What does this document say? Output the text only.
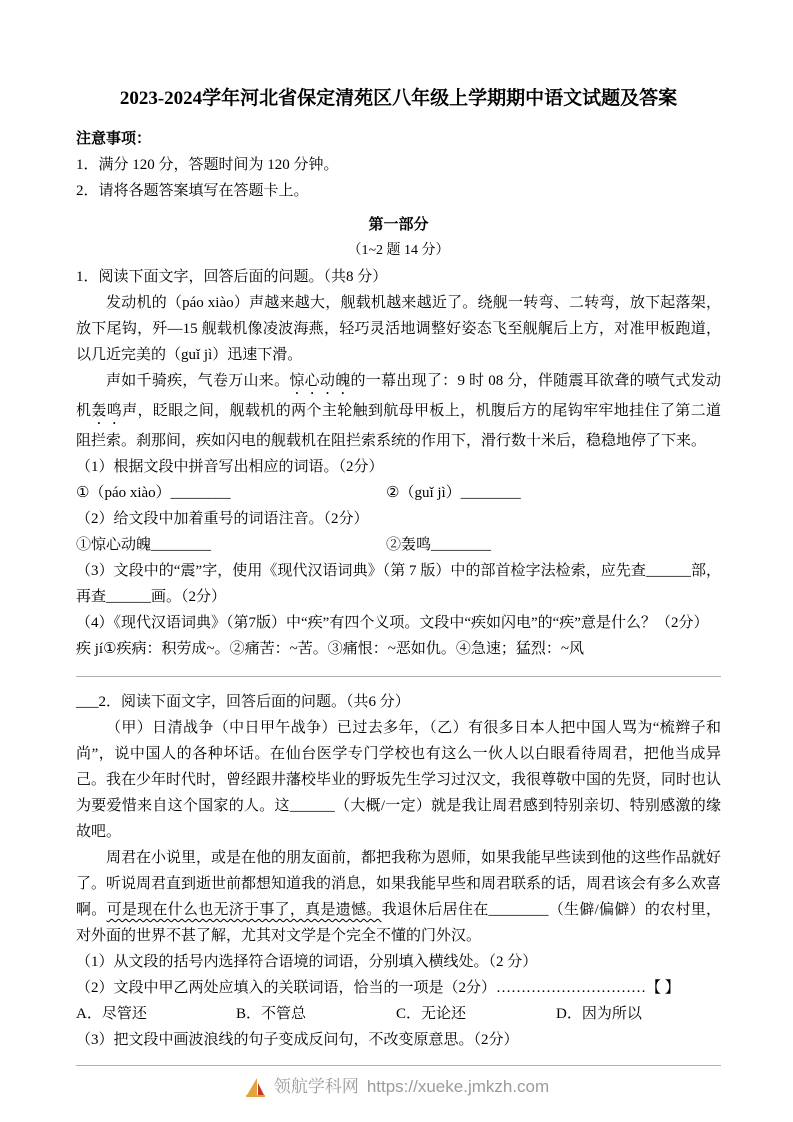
2023-2024学年河北省保定清苑区八年级上学期期中语文试题及答案
注意事项：
1．满分 120 分，答题时间为 120 分钟。
2．请将各题答案填写在答题卡上。
第一部分
（1~2 题 14 分）
1．阅读下面文字，回答后面的问题。（共8 分）

发动机的（páo xiào）声越来越大，舰载机越来越近了。绕舰一转弯、二转弯，放下起落架，放下尾钩，歼—15 舰载机像凌波海燕，轻巧灵活地调整好姿态飞至舰艉后上方，对准甲板跑道，以几近完美的（guǐ jì）迅速下滑。

声如千骑疾，气卷万山来。惊心动魄的一幕出现了：9 时 08 分，伴随震耳欲聋的喷气式发动机轰鸣声，眨眼之间，舰载机的两个主轮触到航母甲板上，机腹后方的尾钩牢牢地挂住了第二道阻拦索。刹那间，疾如闪电的舰载机在阻拦索系统的作用下，滑行数十米后，稳稳地停了下来。

（1）根据文段中拼音写出相应的词语。（2分）
①（páo xiào）________	②（guǐ jì）________
（2）给文段中加着重号的词语注音。（2分）
①惊心动魄________	②轰鸣________
（3）文段中的“震”字，使用《现代汉语词典》（第 7 版）中的部首检字法检索，应先查______部，再查______画。（2分）
（4）《现代汉语词典》（第7版）中“疾”有四个义项。文段中“疾如闪电”的“疾”意是什么？（2分）
疾 jí①疾病：积劳成~。②痛苦：~苦。③痛恨：~恶如仇。④急速；猛烈：~风
___2．阅读下面文字，回答后面的问题。（共6 分）

（甲）日清战争（中日甲午战争）已过去多年，（乙）有很多日本人把中国人骂为“梳辫子和尚”，说中国人的各种坏话。在仙台医学专门学校也有这么一伙人以白眼看待周君，把他当成异己。我在少年时代时，曾经跟井藩校毕业的野坂先生学习过汉文，我很尊敬中国的先贤，同时也认为要爱惜来自这个国家的人。这______（大概/一定）就是我让周君感到特别亲切、特别感激的缘故吧。

周君在小说里，或是在他的朋友面前，都把我称为恩师，如果我能早些读到他的这些作品就好了。听说周君直到逝世前都想知道我的消息，如果我能早些和周君联系的话，周君该会有多么欢喜啊。可是现在什么也无济于事了，真是遗憾。我退休后居住在________（生僻/偏僻）的农村里，对外面的世界不甚了解，尤其对文学是个完全不懂的门外汉。

（1）从文段的括号内选择符合语境的词语，分别填入横线处。（2 分）
（2）文段中甲乙两处应填入的关联词语，恰当的一项是（2分）…………………………【 】
A．尽管还	B．不管总	C．无论还	D．因为所以
（3）把文段中画波浪线的句子变成反问句，不改变原意思。（2分）
领航学科网 https://xueke.jmkzh.com
